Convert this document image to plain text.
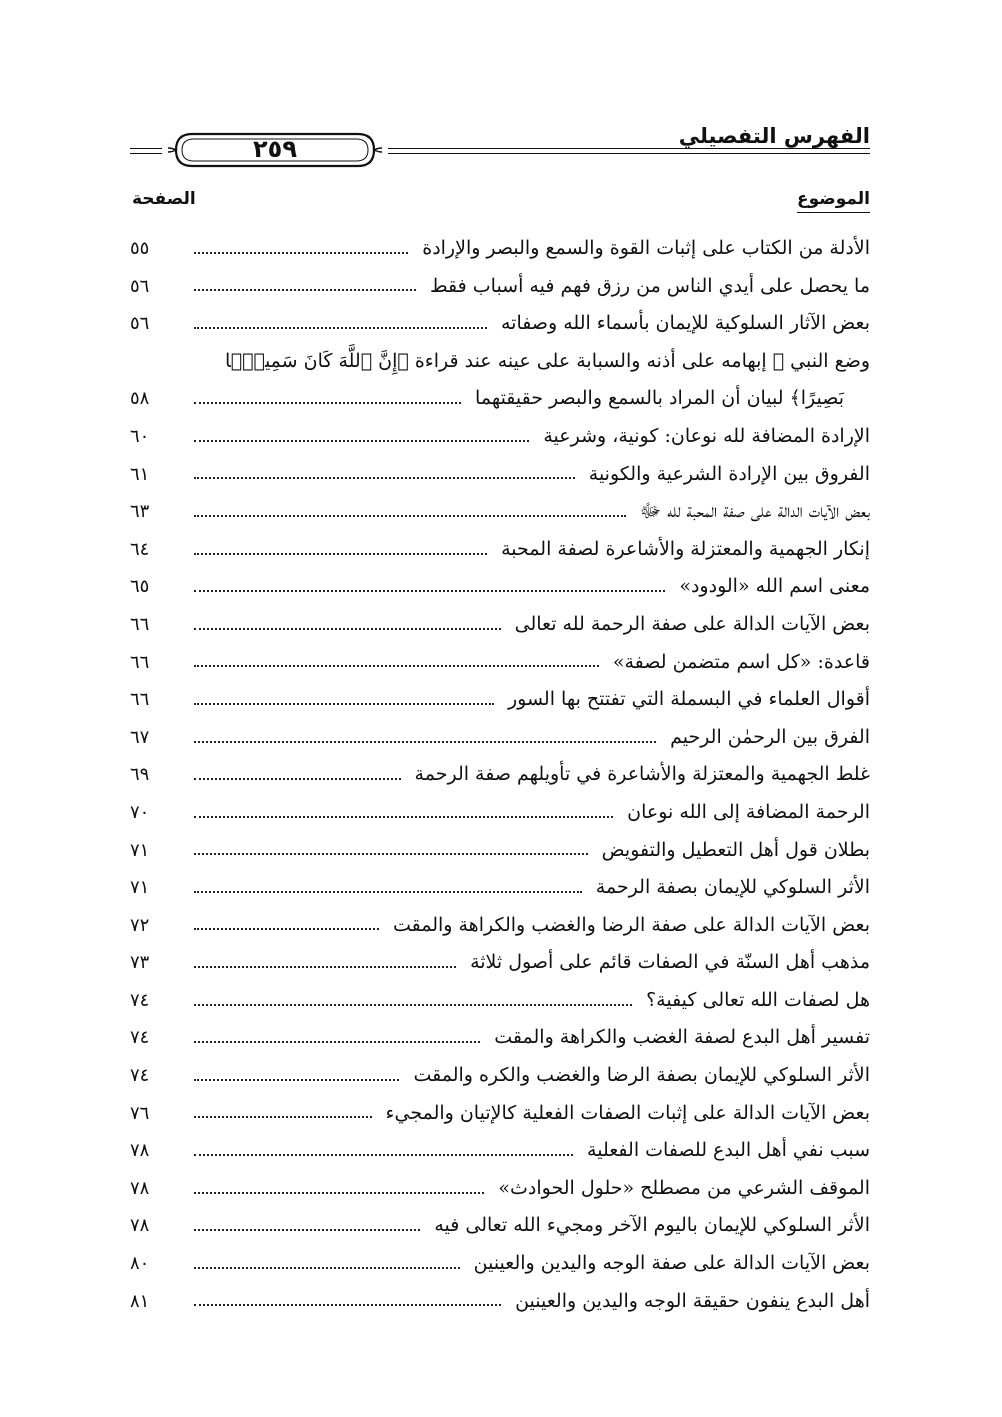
الفهرس التفصيلي
٢٥٩
الموضوع
الصفحة
الأدلة من الكتاب على إثبات القوة والسمع والبصر والإرادة
٥٥
ما يحصل على أيدي الناس من رزق فهم فيه أسباب فقط
٥٦
بعض الآثار السلوكية للإيمان بأسماء الله وصفاته
٥٦
وضع النبي ﷺ إبهامه على أذنه والسبابة على عينه عند قراءة ﴿إِنَّ ٱللَّهَ كَانَ سَمِيعًۢا
بَصِيرًا﴾ لبيان أن المراد بالسمع والبصر حقيقتهما
٥٨
الإرادة المضافة لله نوعان: كونية، وشرعية
٦٠
الفروق بين الإرادة الشرعية والكونية
٦١
بعض الآيات الدالة على صفة المحبة لله ﷻ
٦٣
إنكار الجهمية والمعتزلة والأشاعرة لصفة المحبة
٦٤
معنى اسم الله «الودود»
٦٥
بعض الآيات الدالة على صفة الرحمة لله تعالى
٦٦
قاعدة: «كل اسم متضمن لصفة»
٦٦
أقوال العلماء في البسملة التي تفتتح بها السور
٦٦
الفرق بين الرحمٰن الرحيم
٦٧
غلط الجهمية والمعتزلة والأشاعرة في تأويلهم صفة الرحمة
٦٩
الرحمة المضافة إلى الله نوعان
٧٠
بطلان قول أهل التعطيل والتفويض
٧١
الأثر السلوكي للإيمان بصفة الرحمة
٧١
بعض الآيات الدالة على صفة الرضا والغضب والكراهة والمقت
٧٢
مذهب أهل السنّة في الصفات قائم على أصول ثلاثة
٧٣
هل لصفات الله تعالى كيفية؟
٧٤
تفسير أهل البدع لصفة الغضب والكراهة والمقت
٧٤
الأثر السلوكي للإيمان بصفة الرضا والغضب والكره والمقت
٧٤
بعض الآيات الدالة على إثبات الصفات الفعلية كالإتيان والمجيء
٧٦
سبب نفي أهل البدع للصفات الفعلية
٧٨
الموقف الشرعي من مصطلح «حلول الحوادث»
٧٨
الأثر السلوكي للإيمان باليوم الآخر ومجيء الله تعالى فيه
٧٨
بعض الآيات الدالة على صفة الوجه واليدين والعينين
٨٠
أهل البدع ينفون حقيقة الوجه واليدين والعينين
٨١
